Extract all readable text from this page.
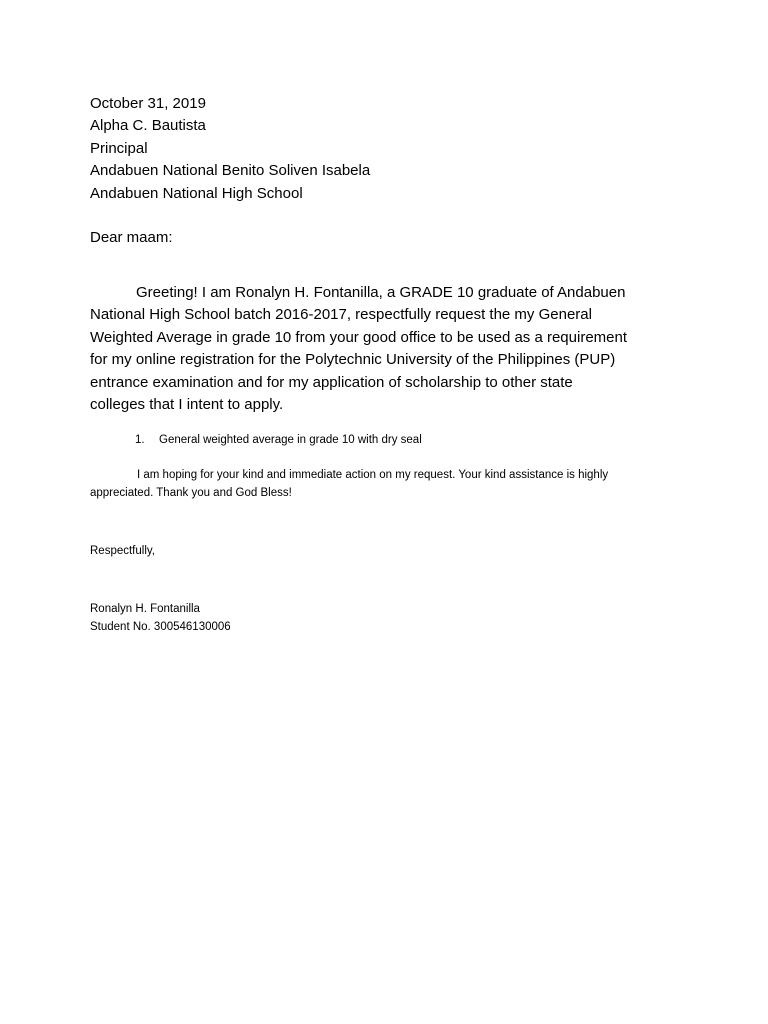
October 31, 2019
Alpha C. Bautista
Principal
Andabuen National Benito Soliven Isabela
Andabuen National High School
Dear maam:
Greeting! I am Ronalyn H. Fontanilla, a GRADE 10 graduate of Andabuen
National High School batch 2016-2017, respectfully request the my General
Weighted Average in grade 10 from your good office to be used as a requirement
for my online registration for the Polytechnic University of the Philippines (PUP)
entrance examination and for my application of scholarship to other state
colleges that I intent to apply.
1. General weighted average in grade 10 with dry seal
I am hoping for your kind and immediate action on my request. Your kind assistance is highly
appreciated. Thank you and God Bless!
Respectfully,
Ronalyn H. Fontanilla
Student No. 300546130006
